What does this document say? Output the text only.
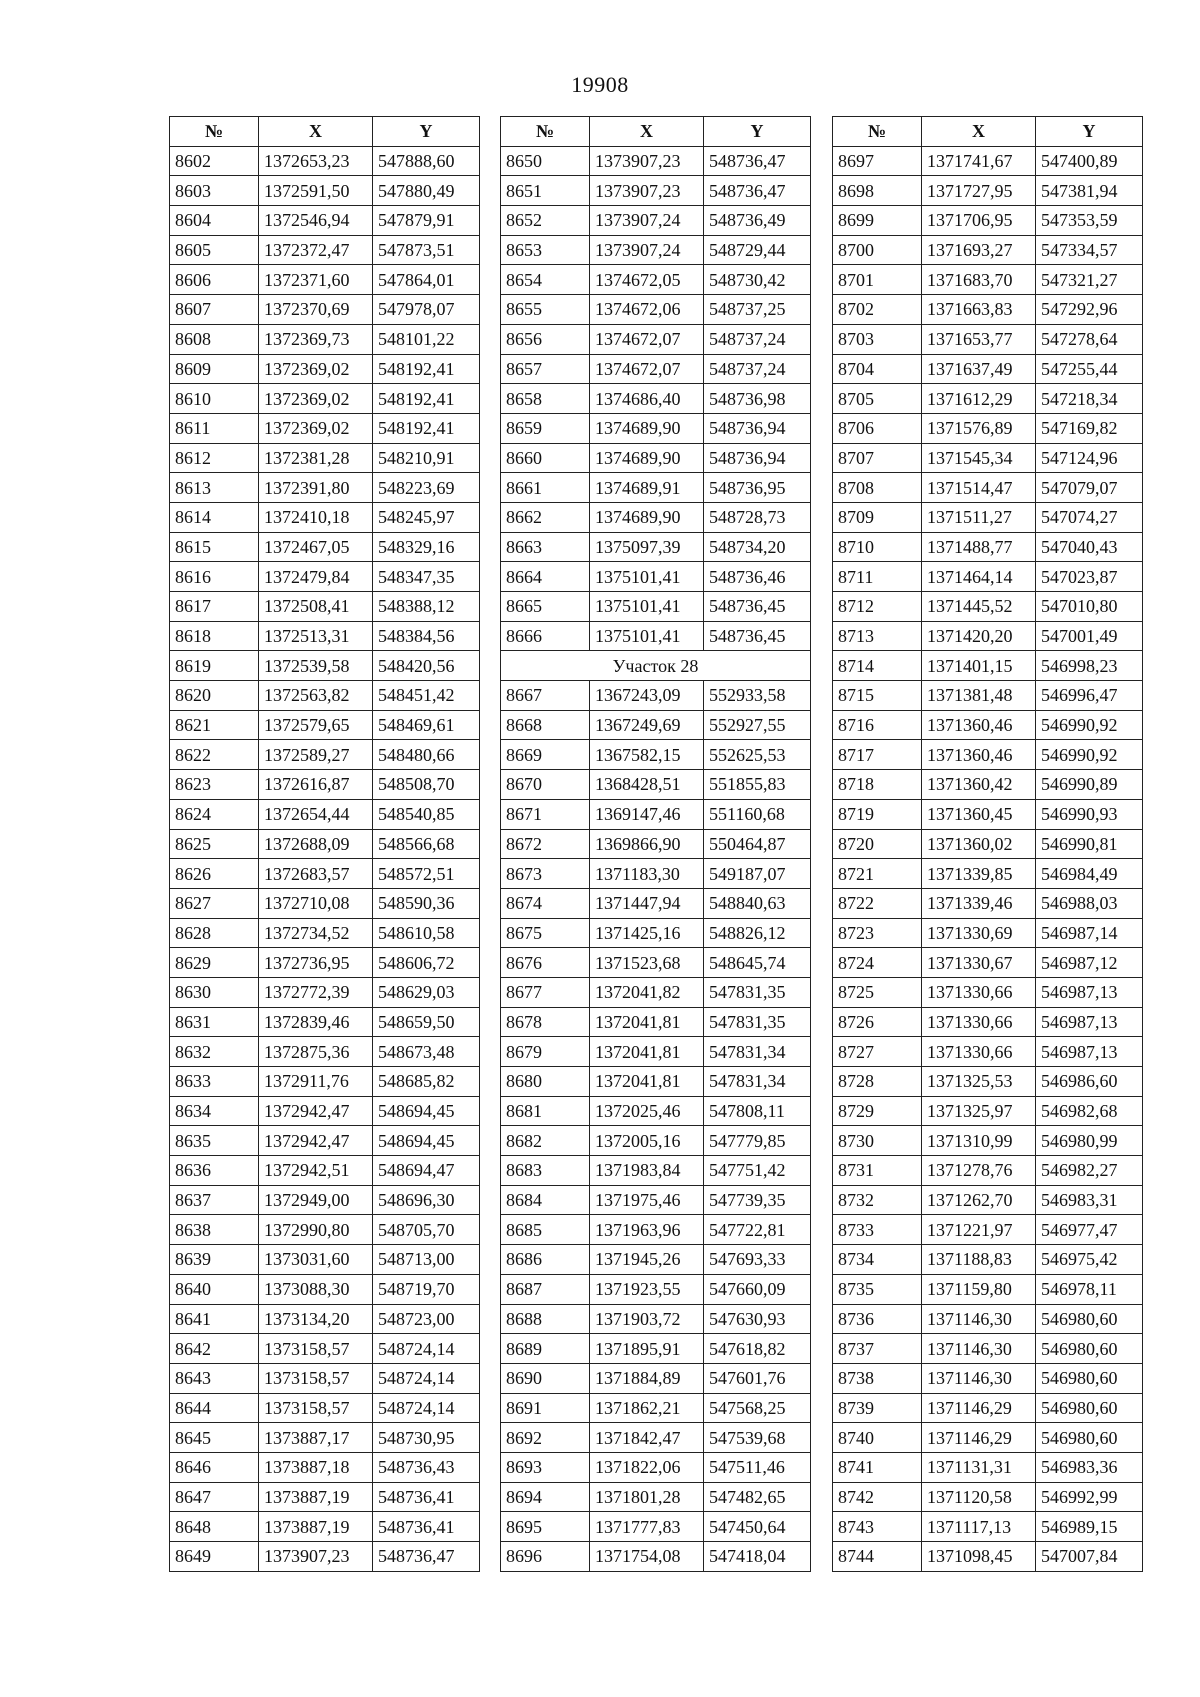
19908
№	X	Y
8602	1372653,23	547888,60
8603	1372591,50	547880,49
8604	1372546,94	547879,91
8605	1372372,47	547873,51
8606	1372371,60	547864,01
8607	1372370,69	547978,07
8608	1372369,73	548101,22
8609	1372369,02	548192,41
8610	1372369,02	548192,41
8611	1372369,02	548192,41
8612	1372381,28	548210,91
8613	1372391,80	548223,69
8614	1372410,18	548245,97
8615	1372467,05	548329,16
8616	1372479,84	548347,35
8617	1372508,41	548388,12
8618	1372513,31	548384,56
8619	1372539,58	548420,56
8620	1372563,82	548451,42
8621	1372579,65	548469,61
8622	1372589,27	548480,66
8623	1372616,87	548508,70
8624	1372654,44	548540,85
8625	1372688,09	548566,68
8626	1372683,57	548572,51
8627	1372710,08	548590,36
8628	1372734,52	548610,58
8629	1372736,95	548606,72
8630	1372772,39	548629,03
8631	1372839,46	548659,50
8632	1372875,36	548673,48
8633	1372911,76	548685,82
8634	1372942,47	548694,45
8635	1372942,47	548694,45
8636	1372942,51	548694,47
8637	1372949,00	548696,30
8638	1372990,80	548705,70
8639	1373031,60	548713,00
8640	1373088,30	548719,70
8641	1373134,20	548723,00
8642	1373158,57	548724,14
8643	1373158,57	548724,14
8644	1373158,57	548724,14
8645	1373887,17	548730,95
8646	1373887,18	548736,43
8647	1373887,19	548736,41
8648	1373887,19	548736,41
8649	1373907,23	548736,47
№	X	Y
8650	1373907,23	548736,47
8651	1373907,23	548736,47
8652	1373907,24	548736,49
8653	1373907,24	548729,44
8654	1374672,05	548730,42
8655	1374672,06	548737,25
8656	1374672,07	548737,24
8657	1374672,07	548737,24
8658	1374686,40	548736,98
8659	1374689,90	548736,94
8660	1374689,90	548736,94
8661	1374689,91	548736,95
8662	1374689,90	548728,73
8663	1375097,39	548734,20
8664	1375101,41	548736,46
8665	1375101,41	548736,45
8666	1375101,41	548736,45
Участок 28		
8667	1367243,09	552933,58
8668	1367249,69	552927,55
8669	1367582,15	552625,53
8670	1368428,51	551855,83
8671	1369147,46	551160,68
8672	1369866,90	550464,87
8673	1371183,30	549187,07
8674	1371447,94	548840,63
8675	1371425,16	548826,12
8676	1371523,68	548645,74
8677	1372041,82	547831,35
8678	1372041,81	547831,35
8679	1372041,81	547831,34
8680	1372041,81	547831,34
8681	1372025,46	547808,11
8682	1372005,16	547779,85
8683	1371983,84	547751,42
8684	1371975,46	547739,35
8685	1371963,96	547722,81
8686	1371945,26	547693,33
8687	1371923,55	547660,09
8688	1371903,72	547630,93
8689	1371895,91	547618,82
8690	1371884,89	547601,76
8691	1371862,21	547568,25
8692	1371842,47	547539,68
8693	1371822,06	547511,46
8694	1371801,28	547482,65
8695	1371777,83	547450,64
8696	1371754,08	547418,04
№	X	Y
8697	1371741,67	547400,89
8698	1371727,95	547381,94
8699	1371706,95	547353,59
8700	1371693,27	547334,57
8701	1371683,70	547321,27
8702	1371663,83	547292,96
8703	1371653,77	547278,64
8704	1371637,49	547255,44
8705	1371612,29	547218,34
8706	1371576,89	547169,82
8707	1371545,34	547124,96
8708	1371514,47	547079,07
8709	1371511,27	547074,27
8710	1371488,77	547040,43
8711	1371464,14	547023,87
8712	1371445,52	547010,80
8713	1371420,20	547001,49
8714	1371401,15	546998,23
8715	1371381,48	546996,47
8716	1371360,46	546990,92
8717	1371360,46	546990,92
8718	1371360,42	546990,89
8719	1371360,45	546990,93
8720	1371360,02	546990,81
8721	1371339,85	546984,49
8722	1371339,46	546988,03
8723	1371330,69	546987,14
8724	1371330,67	546987,12
8725	1371330,66	546987,13
8726	1371330,66	546987,13
8727	1371330,66	546987,13
8728	1371325,53	546986,60
8729	1371325,97	546982,68
8730	1371310,99	546980,99
8731	1371278,76	546982,27
8732	1371262,70	546983,31
8733	1371221,97	546977,47
8734	1371188,83	546975,42
8735	1371159,80	546978,11
8736	1371146,30	546980,60
8737	1371146,30	546980,60
8738	1371146,30	546980,60
8739	1371146,29	546980,60
8740	1371146,29	546980,60
8741	1371131,31	546983,36
8742	1371120,58	546992,99
8743	1371117,13	546989,15
8744	1371098,45	547007,84
